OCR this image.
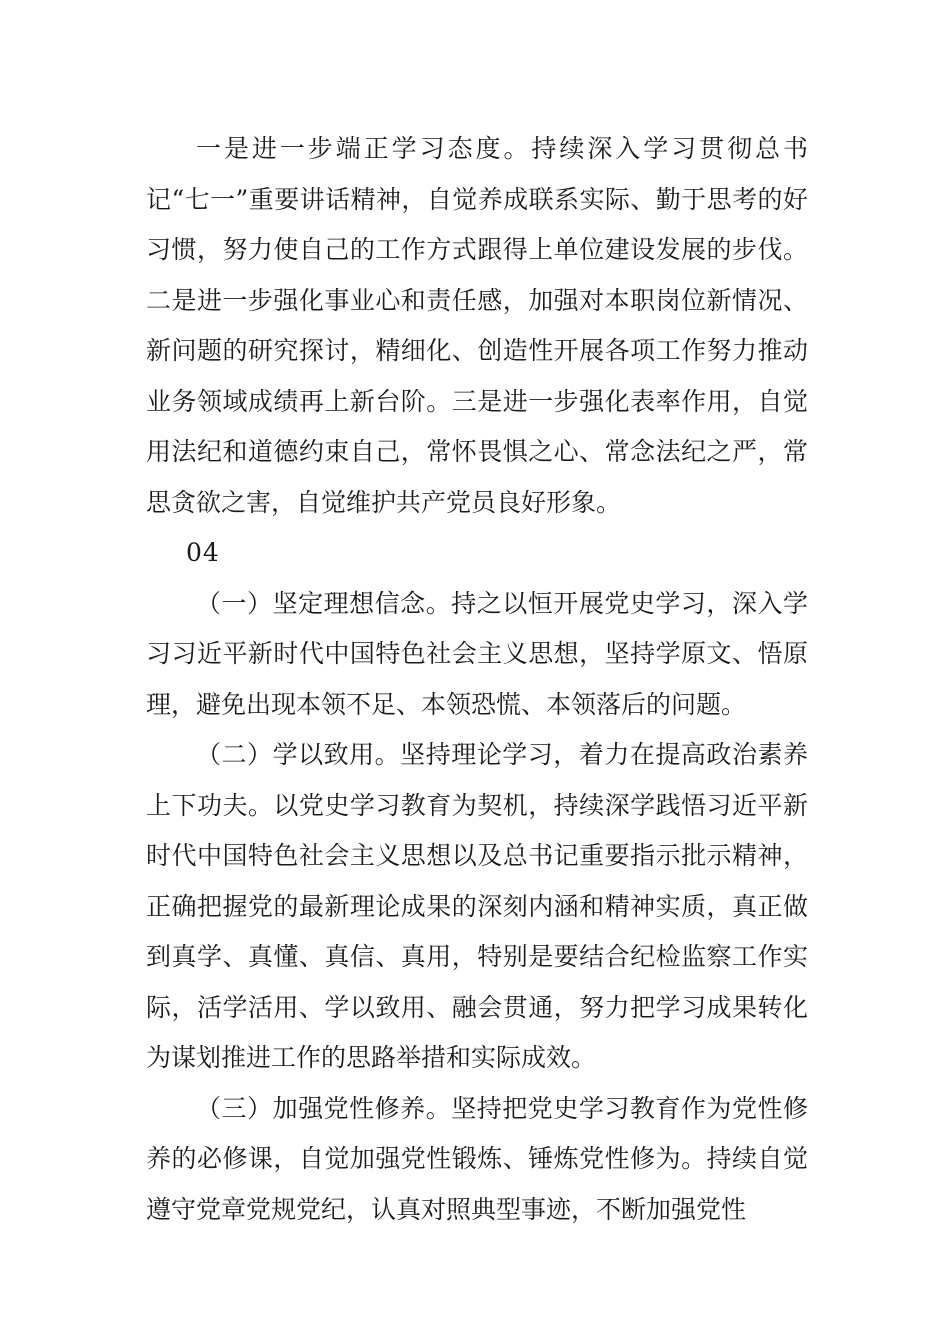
一是进一步端正学习态度。持续深入学习贯彻总书记“七一”重要讲话精神，自觉养成联系实际、勤于思考的好习惯，努力使自己的工作方式跟得上单位建设发展的步伐。二是进一步强化事业心和责任感，加强对本职岗位新情况、新问题的研究探讨，精细化、创造性开展各项工作努力推动业务领域成绩再上新台阶。三是进一步强化表率作用，自觉用法纪和道德约束自己，常怀畏惧之心、常念法纪之严，常思贪欲之害，自觉维护共产党员良好形象。

04

（一）坚定理想信念。持之以恒开展党史学习，深入学习习近平新时代中国特色社会主义思想，坚持学原文、悟原理，避免出现本领不足、本领恐慌、本领落后的问题。

（二）学以致用。坚持理论学习，着力在提高政治素养上下功夫。以党史学习教育为契机，持续深学践悟习近平新时代中国特色社会主义思想以及总书记重要指示批示精神，正确把握党的最新理论成果的深刻内涵和精神实质，真正做到真学、真懂、真信、真用，特别是要结合纪检监察工作实际，活学活用、学以致用、融会贯通，努力把学习成果转化为谋划推进工作的思路举措和实际成效。

（三）加强党性修养。坚持把党史学习教育作为党性修养的必修课，自觉加强党性锻炼、锤炼党性修为。持续自觉遵守党章党规党纪，认真对照典型事迹，不断加强党性
